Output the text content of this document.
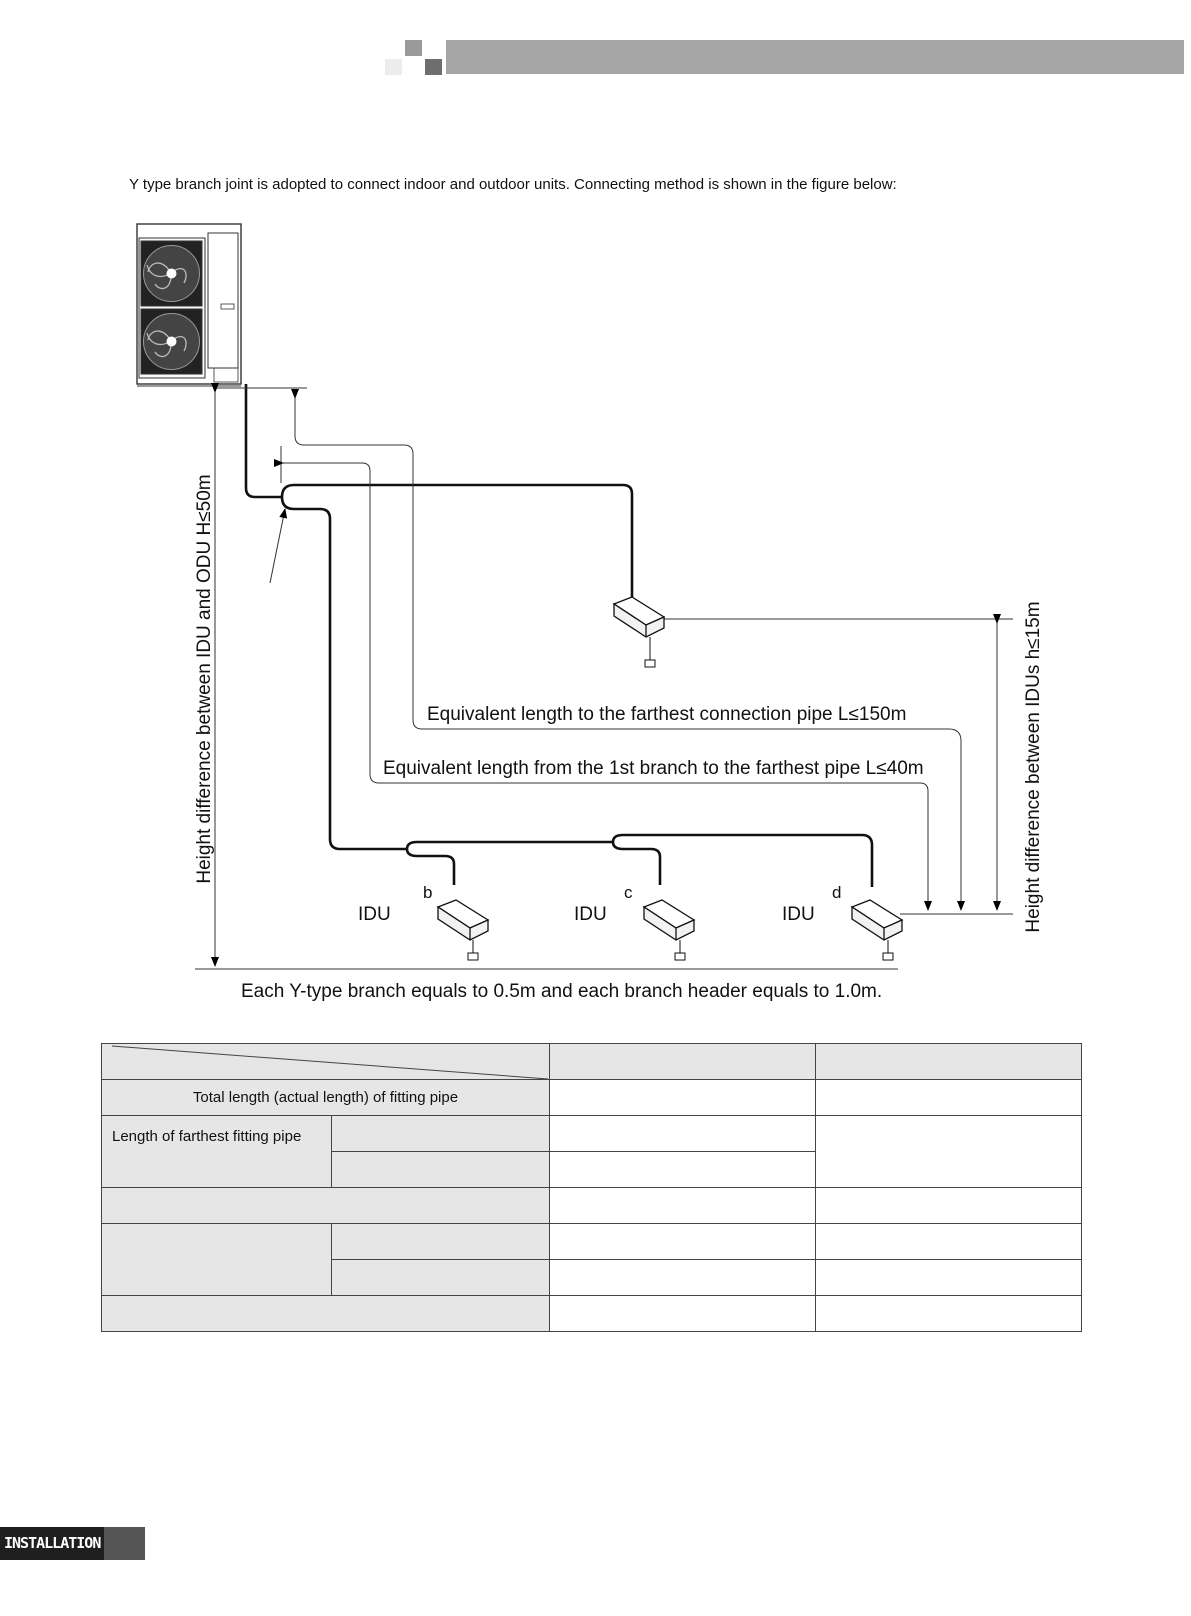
Y type branch joint is adopted to connect indoor and outdoor units. Connecting method is shown in the figure below:
Height difference between IDU and ODU H≤50m	Height difference between IDUs h≤15m
Equivalent length to the farthest connection pipe L≤150m
Equivalent length from the 1st branch to the farthest pipe L≤40m
Each Y-type branch equals to 0.5m and each branch header equals to 1.0m.
IDU	IDU	IDU
b	c	d

Total length (actual length) of fitting pipe			
Length of farthest fitting pipe			

INSTALLATION
